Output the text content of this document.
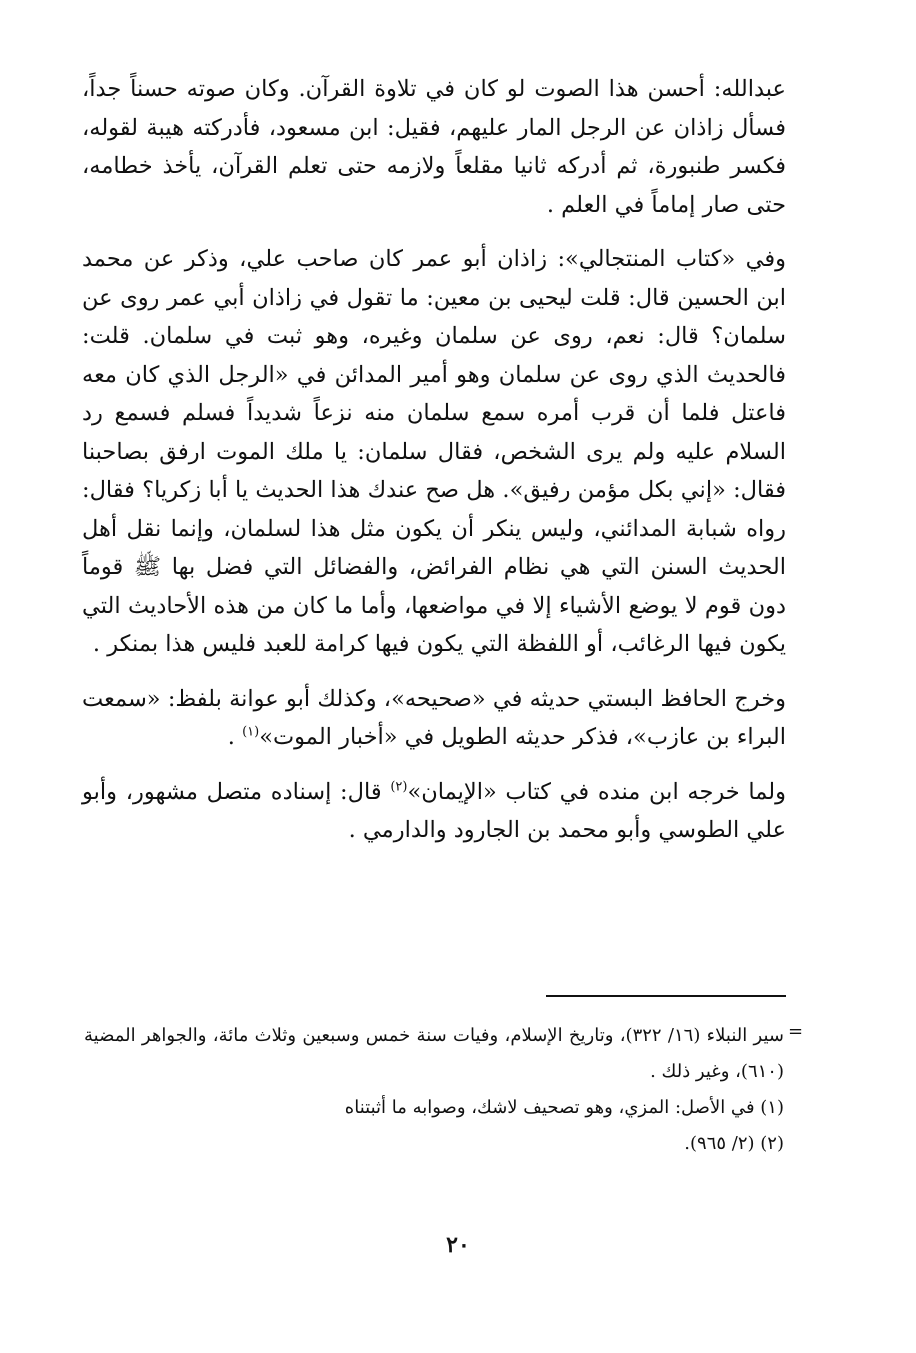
عبدالله: أحسن هذا الصوت لو كان في تلاوة القرآن. وكان صوته حسناً جداً، فسأل زاذان عن الرجل المار عليهم، فقيل: ابن مسعود، فأدركته هيبة لقوله، فكسر طنبورة، ثم أدركه ثانيا مقلعاً ولازمه حتى تعلم القرآن، يأخذ خطامه، حتى صار إماماً في العلم .

وفي «كتاب المنتجالي»: زاذان أبو عمر كان صاحب علي، وذكر عن محمد ابن الحسين قال: قلت ليحيى بن معين: ما تقول في زاذان أبي عمر روى عن سلمان؟ قال: نعم، روى عن سلمان وغيره، وهو ثبت في سلمان. قلت: فالحديث الذي روى عن سلمان وهو أمير المدائن في «الرجل الذي كان معه فاعتل فلما أن قرب أمره سمع سلمان منه نزعاً شديداً فسلم فسمع رد السلام عليه ولم يرى الشخص، فقال سلمان: يا ملك الموت ارفق بصاحبنا فقال: «إني بكل مؤمن رفيق». هل صح عندك هذا الحديث يا أبا زكريا؟ فقال: رواه شبابة المدائني، وليس ينكر أن يكون مثل هذا لسلمان، وإنما نقل أهل الحديث السنن التي هي نظام الفرائض، والفضائل التي فضل بها ﷺ قوماً دون قوم لا يوضع الأشياء إلا في مواضعها، وأما ما كان من هذه الأحاديث التي يكون فيها الرغائب، أو اللفظة التي يكون فيها كرامة للعبد فليس هذا بمنكر .

وخرج الحافظ البستي حديثه في «صحيحه»، وكذلك أبو عوانة بلفظ: «سمعت البراء بن عازب»، فذكر حديثه الطويل في «أخبار الموت»$^{(١)}$ .

ولما خرجه ابن منده في كتاب «الإيمان»$^{(٢)}$ قال: إسناده متصل مشهور، وأبو علي الطوسي وأبو محمد بن الجارود والدارمي .

=

سير النبلاء (١٦/ ٣٢٢)، وتاريخ الإسلام، وفيات سنة خمس وسبعين وثلاث مائة، والجواهر المضية (٦١٠)، وغير ذلك .

(١) في الأصل: المزي، وهو تصحيف لاشك، وصوابه ما أثبتناه

(٢) (٢/ ٩٦٥).

٢٠
